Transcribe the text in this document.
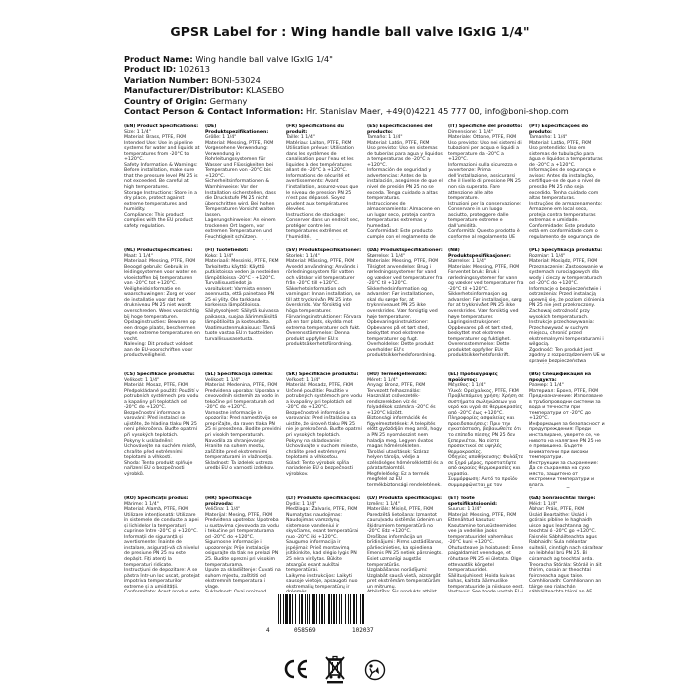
GPSR Label for : Wing handle ball valve IGxIG 1/4"
Product Name: Wing handle ball valve IGxIG 1/4"
Product ID: 102613
Variation Number: BONI-53024
Manufacturer/Distributor: KLASEBO
Country of Origin: Germany
Contact Person & Contact Information: Hr. Stanislav Maer, +49(0)4221 45 777 00, info@boni-shop.com
(EN) Product Specifications:

Size: 1 1/4"
Material: Brass, PTFE, FKM
Intended Use: Use in pipeline systems for water and liquids at temperatures from -20°C to +120°C.
Safety Information & Warnings: Before installation, make sure that the pressure level PN 25 is not exceeded. Be careful at high temperatures.
Storage Instructions: Store in a dry place, protect against extreme temperatures and humidity.
Compliance: This product complies with the EU product safety regulation.

(DE) Produktspezifikationen:

Größe: 1 1/4"
Material: Messing, PTFE, FKM
Vorgesehene Verwendung: Verwendung in Rohrleitungssystemen für Wasser und Flüssigkeiten bei Temperaturen von -20°C bis +120°C.
Sicherheitsinformationen & Warnhinweise: Vor der Installation sicherstellen, dass die Druckstufe PN 25 nicht überschritten wird. Bei hohen Temperaturen Vorsicht walten lassen.
Lagerungshinweise: An einem trockenen Ort lagern, vor extremen Temperaturen und Feuchtigkeit schützen.

(FR) Spécifications du produit:

Taille: 1 1/4"
Matériau: Laiton, PTFE, FKM
Utilisation prévue: Utilisation dans les systèmes de canalisation pour l'eau et les liquides à des températures allant de -20°C à +120°C.
Informations de sécurité et avertissements: Avant l'installation, assurez-vous que le niveau de pression PN 25 n'est pas dépassé. Soyez prudent aux températures élevées.
Instructions de stockage: Conserver dans un endroit sec, protéger contre les températures extrêmes et l'humidité.

(ES) Especificaciones del producto:

Tamaño: 1 1/4"
Material: Latón, PTFE, FKM
Uso previsto: Uso en sistemas de tuberías para agua y líquidos a temperaturas de -20°C a +120°C.
Información de seguridad y advertencias: Antes de la instalación, asegúrese de que el nivel de presión PN 25 no se exceda. Tenga cuidado a altas temperaturas.
Instrucciones de almacenamiento: Almacene en un lugar seco, proteja contra temperaturas extremas y humedad.
Conformidad: Este producto cumple con el reglamento de

(IT) Specifiche del prodotto:

Dimensione: 1 1/4"
Materiale: Ottone, PTFE, FKM
Uso previsto: Uso nei sistemi di tubazioni per acqua e liquidi a temperature da -20°C a +120°C.
Informazioni sulla sicurezza e avvertenze: Prima dell'installazione, assicurarsi che il livello di pressione PN 25 non sia superato. Fare attenzione alle alte temperature.
Istruzioni per la conservazione: Conservare in un luogo asciutto, proteggere dalle temperature estreme e dall'umidità.
Conformità: Questo prodotto è conforme al regolamento UE

(PT) Especificações do produto:

Tamanho: 1 1/4"
Material: Latão, PTFE, FKM
Uso pretendido: Uso em sistemas de tubulação para água e líquidos a temperaturas de -20°C a +120°C.
Informações de segurança e avisos: Antes da instalação, certifique-se de que o nível de pressão PN 25 não seja excedido. Tenha cuidado com altas temperaturas.
Instruções de armazenamento: Armazene em local seco, proteja contra temperaturas extremas e umidade.
Conformidade: Este produto está em conformidade com o regulamento de segurança de

(NL) Productspecificaties:

Maat: 1 1/4"
Materiaal: Messing, PTFE, FKM
Beoogd gebruik: Gebruik in leidingsystemen voor water en vloeistoffen bij temperaturen van -20°C tot +120°C.
Veiligheidsinformatie en waarschuwingen: Zorg er voor de installatie voor dat het drukniveau PN 25 niet wordt overschreden. Wees voorzichtig bij hoge temperaturen.
Opslaginstructies: Bewaren op een droge plaats, beschermen tegen extreme temperaturen en vocht.
Naleving: Dit product voldoet aan de EU-voorschriften voor productveiligheid.

(FI) Tuotetiedot:

Koko: 1 1/4"
Materiaali: Messinki, PTFE, FKM
Tarkoitettu käyttö: Käyttö putkistoissa veden ja nesteiden lämpötiloissa -20°C - +120°C.
Turvallisuustiedot ja varoitukset: Varmista ennen asennusta, että painetaso PN 25 ei ylity. Ole tarkkana korkeissa lämpötiloissa.
Säilytysohjeet: Säilytä kuivassa paikassa, suojaa äärimmäisiltä lämpötiloilta ja kosteudelta.
Vaatimustenmukaisuus: Tämä tuote vastaa EU:n tuotteiden turvallisuusasetusta.

(SV) Produktspecifikationer:

Storlek: 1 1/4"
Material: Mässing, PTFE, FKM
Avsedd användning: Används i rörledningssystem för vatten och vätskor vid temperaturer från -20°C till +120°C.
Säkerhetsinformation och varningar: Innan installation, se till att trycknivån PN 25 inte överskrids. Var försiktig vid höga temperaturer.
Förvaringsinstruktioner: Förvara på en torr plats, skydda mot extrema temperaturer och fukt.
Överensstämmelse: Denna produkt uppfyller EU:s produktsäkerhetsförordning.

(DA) Produktspecifikationer:

Størrelse: 1 1/4"
Materiale: Messing, PTFE, FKM
Tilsigtet anvendelse: Brug i rørledningssystemer for vand og væsker ved temperaturer fra -20°C til +120°C.
Sikkerhedsinformation og advarsler: Før installationen, skal du sørge for, at tryknniveauet PN 25 ikke overskrides. Vær forsigtig ved høje temperaturer.
Opbevaringsinstruktioner: Opbevares på et tørt sted, beskyttet mod ekstreme temperaturer og fugt.
Overholdelse: Dette produkt overholder EU's produktsikkerhedsforordning.

(NB) Produktspesifikasjoner:

Størrelse: 1 1/4"
Materiale: Messing, PTFE, FKM
Forventet bruk: Bruk i rørledningssystemer for vann og væsker ved temperaturer fra -20°C til +120°C.
Sikkerhetsinformasjon og advarsler: Før installasjon, sørg for at trykknivået PN 25 ikke overskrides. Vær forsiktig ved høye temperaturer.
Lagringsinstruksjoner: Oppbevares på et tørt sted, beskyttet mot ekstreme temperaturer og fuktighet.
Overensstemmelse: Dette produktet oppfyller EUs produktsikkerhetsforskrift.

(PL) Specyfikacja produktu:

Rozmiar: 1 1/4"
Materiał: Mosiądz, PTFE, FKM
Przeznaczenie: Zastosowanie w systemach rurociągowych dla wody i cieczy w temperaturach od -20°C do +120°C.
Informacje o bezpieczeństwie i ostrzeżenia: Przed instalacją upewnij się, że poziom ciśnienia PN 25 nie jest przekroczony. Zachowaj ostrożność przy wysokich temperaturach.
Instrukcje przechowywania: Przechowywać w suchym miejscu, chronić przed ekstremalnymi temperaturami i wilgocią.
Zgodność: Ten produkt jest zgodny z rozporządzeniem UE w sprawie bezpieczeństwa

(CS) Specifikace produktu:

Velikost: 1 1/4"
Materiál: Mosaz, PTFE, FKM
Předpokládané použití: Použití v potrubních systémech pro vodu a kapaliny při teplotách od -20°C do +120°C.
Bezpečnostní informace a varování: Před instalací se ujistěte, že hladina tlaku PN 25 není překročena. Buďte opatrní při vysokých teplotách.
Pokyny k uskladnění: Uchovávejte na suchém místě, chraňte před extrémními teplotami a vlhkostí.
Shoda: Tento produkt splňuje nařízení EU o bezpečnosti výrobků.

(SL) Specifikacija izdelka:

Velikost: 1 1/4"
Material: Medenina, PTFE, FKM
Predvidena uporaba: Uporaba v cevovodnih sistemih za vodo in tekočine pri temperaturah od -20°C do +120°C.
Varnostne informacije in opozorila: Pred namestitvijo se prepričajte, da raven tlaka PN 25 ni presežena. Bodite previdni pri visokih temperaturah.
Navodila za shranjevanje: Hranite na suhem mestu, zaščitite pred ekstremnimi temperaturami in vlažnostjo.
Skladnost: Ta izdelek ustreza uredbi EU o varnosti izdelkov.

(SK) Špecifikácie produktu:

Veľkosť: 1 1/4"
Materiál: Mosadz, PTFE, FKM
Určené použitie: Použitie v potrubných systémoch pre vodu a kvapaliny pri teplotách od -20°C do +120°C.
Bezpečnostné informácie a varovania: Pred inštaláciou sa uistite, že úroveň tlaku PN 25 nie je prekročená. Buďte opatrní pri vysokých teplotách.
Pokyny na skladovanie: Uchovávajte v suchom mieste, chráňte pred extrémnymi teplotami a vlhkosťou.
Súlad: Tento výrobok spĺňa nariadenie EÚ o bezpečnosti výrobkov.

(HU) Termékjellemzők:

Méret: 1 1/4"
Anyag: Bronz, PTFE, FKM
Tervezett felhasználás: Használat csővezeték-rendszerekben víz és folyadékok számára -20°C és +120°C között.
Biztonsági információk és figyelmeztetések: A telepítés előtt győződjön meg arról, hogy a PN 25 nyomásszint nem haladja meg. Legyen óvatos magas hőmérsékleten.
Tárolási utasítások: Száraz helyen tárolja, védje a szélsőséges hőmérséklettől és a páratartalomtól.
Megfelelőség: Ez a termék megfelel az EU termékbiztonsági rendeletének.

(EL) Προδιαγραφές προϊόντος:

Μέγεθος: 1 1/4"
Υλικό: Ορείχαλκος, PTFE, FKM
Προβλεπόμενη χρήση: Χρήση σε συστήματα σωληνώσεων για νερό και υγρά σε θερμοκρασίες από -20°C έως +120°C.
Πληροφορίες ασφαλείας και προειδοποιήσεις: Πριν την εγκατάσταση, βεβαιωθείτε ότι το επίπεδο πίεσης PN 25 δεν ξεπερνιέται. Να είστε προσεκτικοί σε υψηλές θερμοκρασίες.
Οδηγίες αποθήκευσης: Φυλάξτε σε ξηρό μέρος, προστατέψτε από ακραίες θερμοκρασίες και υγρασία.
Συμμόρφωση: Αυτό το προϊόν συμμορφώνεται με τον

(BG) Спецификация на продукта:

Размер: 1 1/4"
Материал: Бронз, PTFE, FKM
Предназначение: Използване в тръбопроводни системи за вода и течности при температури от -20°C до +120°C.
Информация за безопасност и предупреждения: Преди инсталиране, уверете се, че нивото на налягане PN 25 не е превишено. Бъдете внимателни при високи температури.
Инструкции за съхранение: Да се съхранява на сухо място, защитено от екстремни температури и влага.

(RO) Specificații produs:

Mărime: 1 1/4"
Material: Alamă, PTFE, FKM
Utilizare intenționată: Utilizare în sistemele de conducte a apei și lichidelor la temperaturi cuprinse între -20°C și +120°C.
Informații de siguranță și avertismente: Înainte de instalare, asigurați-vă că nivelul de presiune PN 25 nu este depășit. Fiți atenți la temperaturi ridicate.
Instrucțiuni de depozitare: A se păstra într-un loc uscat, protejat împotriva temperaturilor extreme și a umidității.

(HR) Specifikacije proizvoda:

Veličina: 1 1/4"
Materijal: Mesing, PTFE, FKM
Predviđena upotreba: Upotreba u sustavima cjevovoda za vodu i tekućine pri temperaturama od -20°C do +120°C.
Sigurnosne informacije i upozorenja: Prije instalacije osigurajte da tlak ne prelazi PN 25. Budite oprezni pri visokim temperaturama.
Upute za skladištenje: Čuvati na suhom mjestu, zaštititi od ekstremnih temperatura i vlage.

(LT) Produkto specifikacijos:

Dydis: 1 1/4"
Medžiaga: Žalvaris, PTFE, FKM
Numatytas naudojimas: Naudojimas vamzdynų sistemose vandeniui ir skysčiams, esant temperatūrai nuo -20°C iki +120°C.
Saugumo informacija ir įspėjimai: Prieš montavimą įsitikinkite, kad slėgio lygis PN 25 nėra viršytas. Būkite atsargūs esant aukštai temperatūrai.
Laikymo instrukcijos: Laikyti sausoje vietoje, apsaugoti nuo ekstremalių temperatūrų ir

(LV) Produkta specifikācijas:

Izmērs: 1 1/4"
Materiāls: Misiņš, PTFE, FKM
Paredzētā lietošana: Izmantot cauruļvadu sistēmās ūdenim un šķidrumiem temperatūrā no -20°C līdz +120°C.
Drošības informācija un brīdinājumi: Pirms uzstādīšanas, pārliecinieties, ka spiediena līmenis PN 25 netiek pārsniegts. Esiet uzmanīgi augstās temperatūrās.
Uzglabāšanas norādījumi: Uzglabāt sausā vietā, aizsargāt pret ekstrēmām temperatūrām un mitrumu.

(ET) Toote spetsifikatsioonid:

Suurus: 1 1/4"
Materjal: Messing, PTFE, FKM
Ettenähtud kasutus: Kasutamine torusüsteemides vee ja vedelike jaoks temperatuuridel vahemikus -20°C kuni +120°C.
Ohutusteave ja hoiatused: Enne paigaldamist veenduge, et rõhutase PN 25 ei ületata. Olge ettevaatlik kõrgetel temperatuuridel.
Säilitusjuhised: Hoida kuivas kohas, kaitsta äärmuslike temperatuuride ja niiskuse eest.

(GA) Sonraíochtaí Táirge:

Méid: 1 1/4"
Ábhar: Práis, PTFE, FKM
Úsáid Beartaithe: Úsáid i gcórais píblíne le haghaidh uisce agus leachtanna ag teochtaí ó -20°C go +120°C.
Faisnéis Sábháilteachta agus Rabhaidh: Sula ndéantar suiteáil, cinntigh nach sáraítear an leibhéal brú PN 25. Bí cúramach ag teochtaí arda.
Treoracha Stórála: Stóráil in áit thirim, cosain ar theochtaí foircneacha agus taise.
Comhlíonadh: Comhlíonann an táirge seo rialachán

4	058569	102037
